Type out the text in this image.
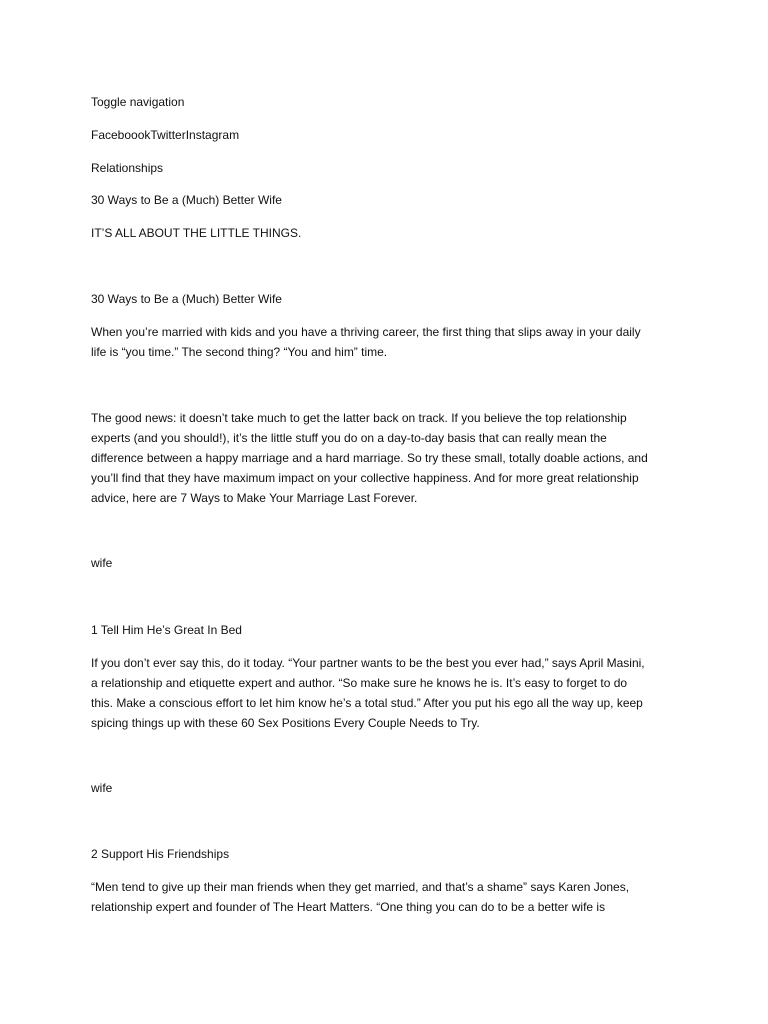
Toggle navigation

FaceboookTwitterInstagram

Relationships

30 Ways to Be a (Much) Better Wife

IT’S ALL ABOUT THE LITTLE THINGS.

30 Ways to Be a (Much) Better Wife

When you’re married with kids and you have a thriving career, the first thing that slips away in your daily
life is “you time.” The second thing? “You and him” time.
The good news: it doesn’t take much to get the latter back on track. If you believe the top relationship
experts (and you should!), it’s the little stuff you do on a day-to-day basis that can really mean the
difference between a happy marriage and a hard marriage. So try these small, totally doable actions, and
you’ll find that they have maximum impact on your collective happiness. And for more great relationship
advice, here are 7 Ways to Make Your Marriage Last Forever.

wife

1 Tell Him He’s Great In Bed

If you don’t ever say this, do it today. “Your partner wants to be the best you ever had,” says April Masini,
a relationship and etiquette expert and author. “So make sure he knows he is. It’s easy to forget to do
this. Make a conscious effort to let him know he’s a total stud.” After you put his ego all the way up, keep
spicing things up with these 60 Sex Positions Every Couple Needs to Try.

wife

2 Support His Friendships

“Men tend to give up their man friends when they get married, and that’s a shame” says Karen Jones,
relationship expert and founder of The Heart Matters. “One thing you can do to be a better wife is
